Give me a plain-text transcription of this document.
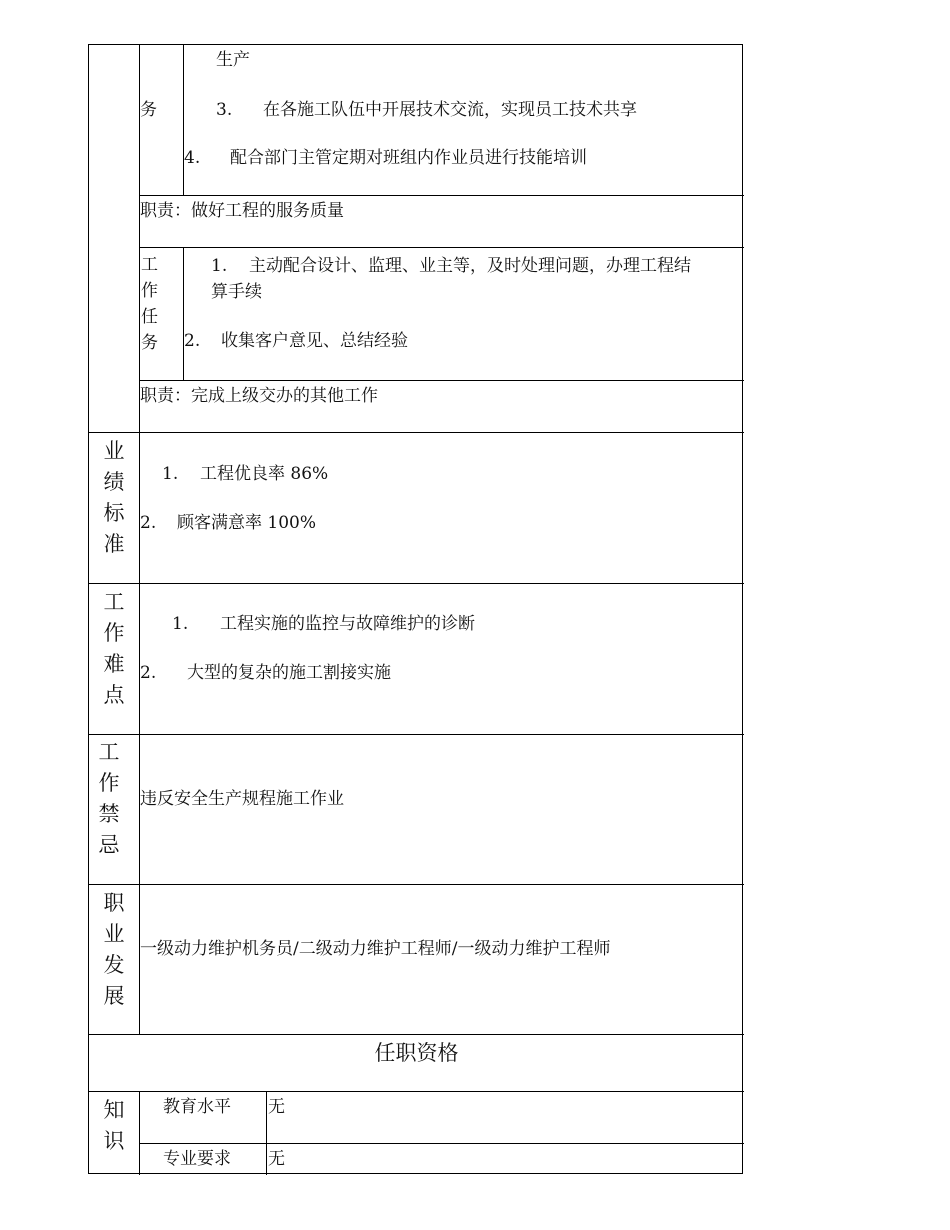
务
生产
3. 在各施工队伍中开展技术交流，实现员工技术共享
4. 配合部门主管定期对班组内作业员进行技能培训
职责：做好工程的服务质量
工
作
任
务
1. 主动配合设计、监理、业主等，及时处理问题，办理工程结
算手续
2. 收集客户意见、总结经验
职责：完成上级交办的其他工作
业
绩
标
准
1. 工程优良率 86%
2. 顾客满意率 100%
工
作
难
点
1. 工程实施的监控与故障维护的诊断
2. 大型的复杂的施工割接实施
工
作
禁
忌
违反安全生产规程施工作业
职
业
发
展
一级动力维护机务员/二级动力维护工程师/一级动力维护工程师
任职资格
知
识
教育水平 无
专业要求 无
